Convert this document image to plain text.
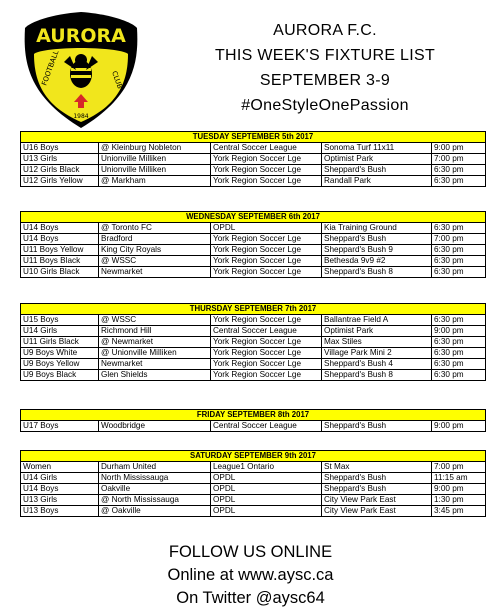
AURORA
FOOTBALL	CLUB
1984
AURORA F.C.
THIS WEEK'S FIXTURE LIST
SEPTEMBER 3-9
#OneStyleOnePassion
TUESDAY SEPTEMBER 5th 2017				
U16 Boys	@ Kleinburg Nobleton	Central Soccer League	Sonoma Turf 11x11	9:00 pm
U13 Girls	Unionville Milliken	York Region Soccer Lge	Optimist Park	7:00 pm
U12 Girls Black	Unionville Milliken	York Region Soccer Lge	Sheppard's Bush	6:30 pm
U12 Girls Yellow	@ Markham	York Region Soccer Lge	Randall Park	6:30 pm
WEDNESDAY SEPTEMBER 6th 2017				
U14 Boys	@ Toronto FC	OPDL	Kia Training Ground	6:30 pm
U14 Boys	Bradford	York Region Soccer Lge	Sheppard's Bush	7:00 pm
U11 Boys Yellow	King City Royals	York Region Soccer Lge	Sheppard's Bush 9	6:30 pm
U11 Boys Black	@ WSSC	York Region Soccer Lge	Bethesda 9v9 #2	6:30 pm
U10 Girls Black	Newmarket	York Region Soccer Lge	Sheppard's Bush 8	6:30 pm
THURSDAY SEPTEMBER 7th 2017				
U15 Boys	@ WSSC	York Region Soccer Lge	Ballantrae Field A	6:30 pm
U14 Girls	Richmond Hill	Central Soccer League	Optimist Park	9:00 pm
U11 Girls Black	@ Newmarket	York Region Soccer Lge	Max Stiles	6:30 pm
U9 Boys White	@ Unionville Milliken	York Region Soccer Lge	Village Park Mini 2	6:30 pm
U9 Boys Yellow	Newmarket	York Region Soccer Lge	Sheppard's Bush 4	6:30 pm
U9 Boys Black	Glen Shields	York Region Soccer Lge	Sheppard's Bush 8	6:30 pm
FRIDAY SEPTEMBER 8th 2017
U17 Boys	Woodbridge	Central Soccer League	Sheppard's Bush	9:00 pm
SATURDAY SEPTEMBER 9th 2017				
Women	Durham United	League1 Ontario	St Max	7:00 pm
U14 Girls	North Mississauga	OPDL	Sheppard's Bush	11:15 am
U14 Boys	Oakville	OPDL	Sheppard's Bush	9:00 pm
U13 Girls	@ North Mississauga	OPDL	City View Park East	1:30 pm
U13 Boys	@ Oakville	OPDL	City View Park East	3:45 pm
FOLLOW US ONLINE
Online at www.aysc.ca
On Twitter @aysc64
